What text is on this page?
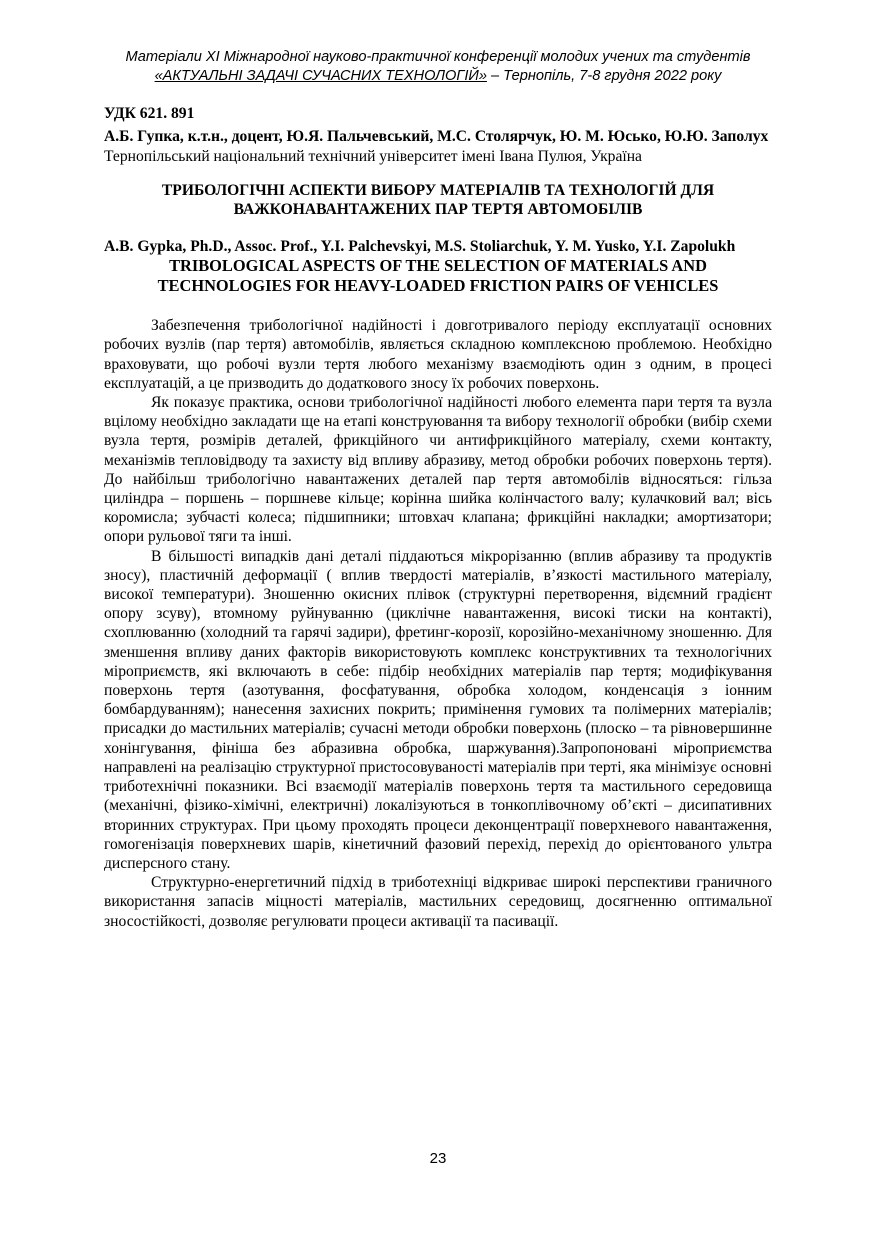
Матеріали XI Міжнародної науково-практичної конференції молодих учених та студентів
«АКТУАЛЬНІ ЗАДАЧІ СУЧАСНИХ ТЕХНОЛОГІЙ» – Тернопіль, 7-8 грудня 2022 року

УДК 621. 891

А.Б. Гупка, к.т.н., доцент, Ю.Я. Пальчевський, М.С. Столярчук, Ю. М. Юсько, Ю.Ю. Заполух

Тернопільський національний технічний університет імені Івана Пулюя, Україна

ТРИБОЛОГІЧНІ АСПЕКТИ ВИБОРУ МАТЕРІАЛІВ ТА ТЕХНОЛОГІЙ ДЛЯ ВАЖКОНАВАНТАЖЕНИХ ПАР ТЕРТЯ АВТОМОБІЛІВ

A.B. Gypka, Ph.D., Assoc. Prof., Y.I. Palchevskyi, M.S. Stoliarchuk, Y. M. Yusko, Y.I. Zapolukh

TRIBOLOGICAL ASPECTS OF THE SELECTION OF MATERIALS AND TECHNOLOGIES FOR HEAVY-LOADED FRICTION PAIRS OF VEHICLES

Забезпечення трибологічної надійності і довготривалого періоду експлуатації основних робочих вузлів (пар тертя) автомобілів, являється складною комплексною проблемою. Необхідно враховувати, що робочі вузли тертя любого механізму взаємодіють один з одним, в процесі експлуатацій, а це призводить до додаткового зносу їх робочих поверхонь.

Як показує практика, основи трибологічної надійності любого елемента пари тертя та вузла вцілому необхідно закладати ще на етапі конструювання та вибору технології обробки (вибір схеми вузла тертя, розмірів деталей, фрикційного чи антифрикційного матеріалу, схеми контакту, механізмів тепловідводу та захисту від впливу абразиву, метод обробки робочих поверхонь тертя). До найбільш трибологічно навантажених деталей пар тертя автомобілів відносяться: гільза циліндра – поршень – поршневе кільце; корінна шийка колінчастого валу; кулачковий вал; вісь коромисла; зубчасті колеса; підшипники; штовхач клапана; фрикційні накладки; амортизатори; опори рульової тяги та інші.

В більшості випадків дані деталі піддаються мікрорізанню (вплив абразиву та продуктів зносу), пластичній деформації ( вплив твердості матеріалів, в’язкості мастильного матеріалу, високої температури). Зношенню окисних плівок (структурні перетворення, відємний градієнт опору зсуву), втомному руйнуванню (циклічне навантаження, високі тиски на контакті), схоплюванню (холодний та гарячі задири), фретинг-корозії, корозійно-механічному зношенню. Для зменшення впливу даних факторів використовують комплекс конструктивних та технологічних міроприємств, які включають в себе: підбір необхідних матеріалів пар тертя; модифікування поверхонь тертя (азотування, фосфатування, обробка холодом, конденсація з іонним бомбардуванням); нанесення захисних покрить; примінення гумових та полімерних матеріалів; присадки до мастильних матеріалів; сучасні методи обробки поверхонь (плоско – та рівновершинне хонінгування, фініша без абразивна обробка, шаржування).Запропоновані міроприємства направлені на реалізацію структурної пристосовуваності матеріалів при терті, яка мінімізує основні триботехнічні показники. Всі взаємодії матеріалів поверхонь тертя та мастильного середовища (механічні, фізико-хімічні, електричні) локалізуються в тонкоплівочному об’єкті – дисипативних вторинних структурах. При цьому проходять процеси деконцентрації поверхневого навантаження, гомогенізація поверхневих шарів, кінетичний фазовий перехід, перехід до орієнтованого ультра дисперсного стану.

Структурно-енергетичний підхід в триботехніці відкриває широкі перспективи граничного використання запасів міцності матеріалів, мастильних середовищ, досягненню оптимальної зносостійкості, дозволяє регулювати процеси активації та пасивації.

23
